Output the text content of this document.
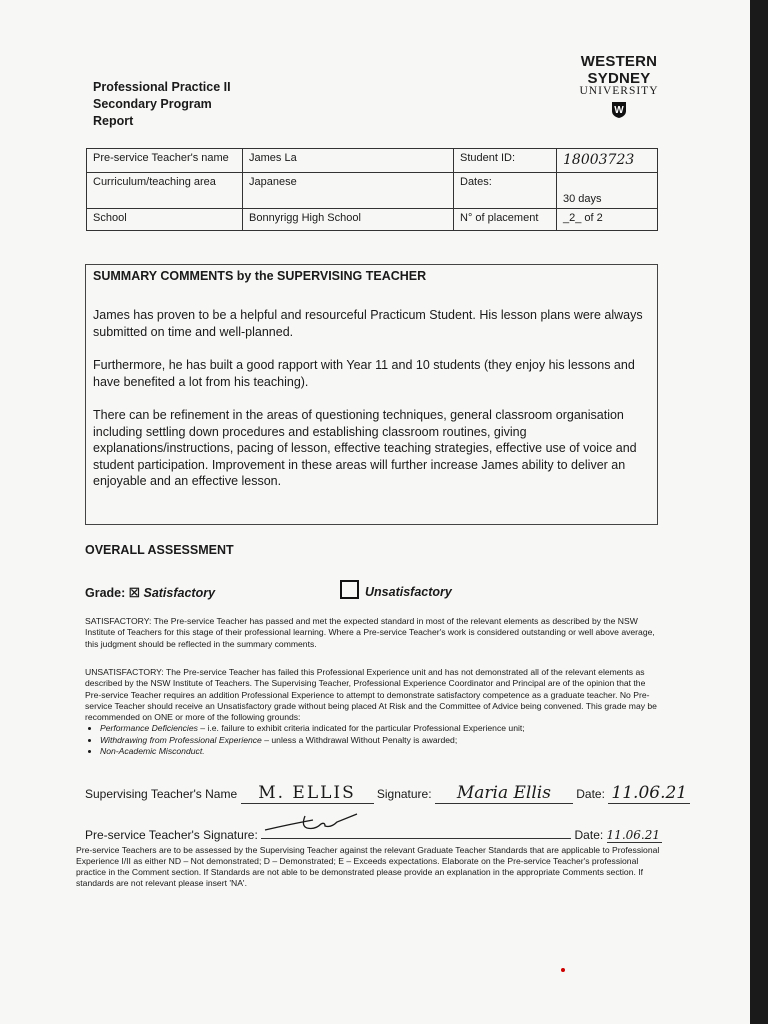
Professional Practice II
Secondary Program
Report
WESTERN SYDNEY
UNIVERSITY
W
Pre-service Teacher's name	James La	Student ID:	18003723
Curriculum/teaching area	Japanese	Dates:	30 days
School	Bonnyrigg High School	N° of placement	_2_ of 2
SUMMARY COMMENTS by the SUPERVISING TEACHER

James has proven to be a helpful and resourceful Practicum Student. His lesson plans were always submitted on time and well-planned.

Furthermore, he has built a good rapport with Year 11 and 10 students (they enjoy his lessons and have benefited a lot from his teaching).

There can be refinement in the areas of questioning techniques, general classroom organisation including settling down procedures and establishing classroom routines, giving explanations/instructions, pacing of lesson, effective teaching strategies, effective use of voice and student participation. Improvement in these areas will further increase James ability to deliver an enjoyable and an effective lesson.

OVERALL ASSESSMENT
Grade: ☒ Satisfactory	Unsatisfactory
SATISFACTORY: The Pre-service Teacher has passed and met the expected standard in most of the relevant elements as described by the NSW Institute of Teachers for this stage of their professional learning. Where a Pre-service Teacher's work is considered outstanding or well above average, this judgment should be reflected in the summary comments.
UNSATISFACTORY: The Pre-service Teacher has failed this Professional Experience unit and has not demonstrated all of the relevant elements as described by the NSW Institute of Teachers. The Supervising Teacher, Professional Experience Coordinator and Principal are of the opinion that the Pre-service Teacher requires an addition Professional Experience to attempt to demonstrate satisfactory competence as a graduate teacher. No Pre-service Teacher should receive an Unsatisfactory grade without being placed At Risk and the Committee of Advice being convened. This grade may be recommended on ONE or more of the following grounds:
• Performance Deficiencies – i.e. failure to exhibit criteria indicated for the particular Professional Experience unit;
• Withdrawing from Professional Experience – unless a Withdrawal Without Penalty is awarded;
• Non-Academic Misconduct.
Supervising Teacher's Name M. ELLIS Signature: Maria Ellis Date: 11.06.21
Pre-service Teacher's Signature:	Date: 11.06.21
Pre-service Teachers are to be assessed by the Supervising Teacher against the relevant Graduate Teacher Standards that are applicable to Professional Experience I/II as either ND – Not demonstrated; D – Demonstrated; E – Exceeds expectations. Elaborate on the Pre-service Teacher's professional practice in the Comment section. If Standards are not able to be demonstrated please provide an explanation in the appropriate Comments section. If standards are not relevant please insert 'NA'.
